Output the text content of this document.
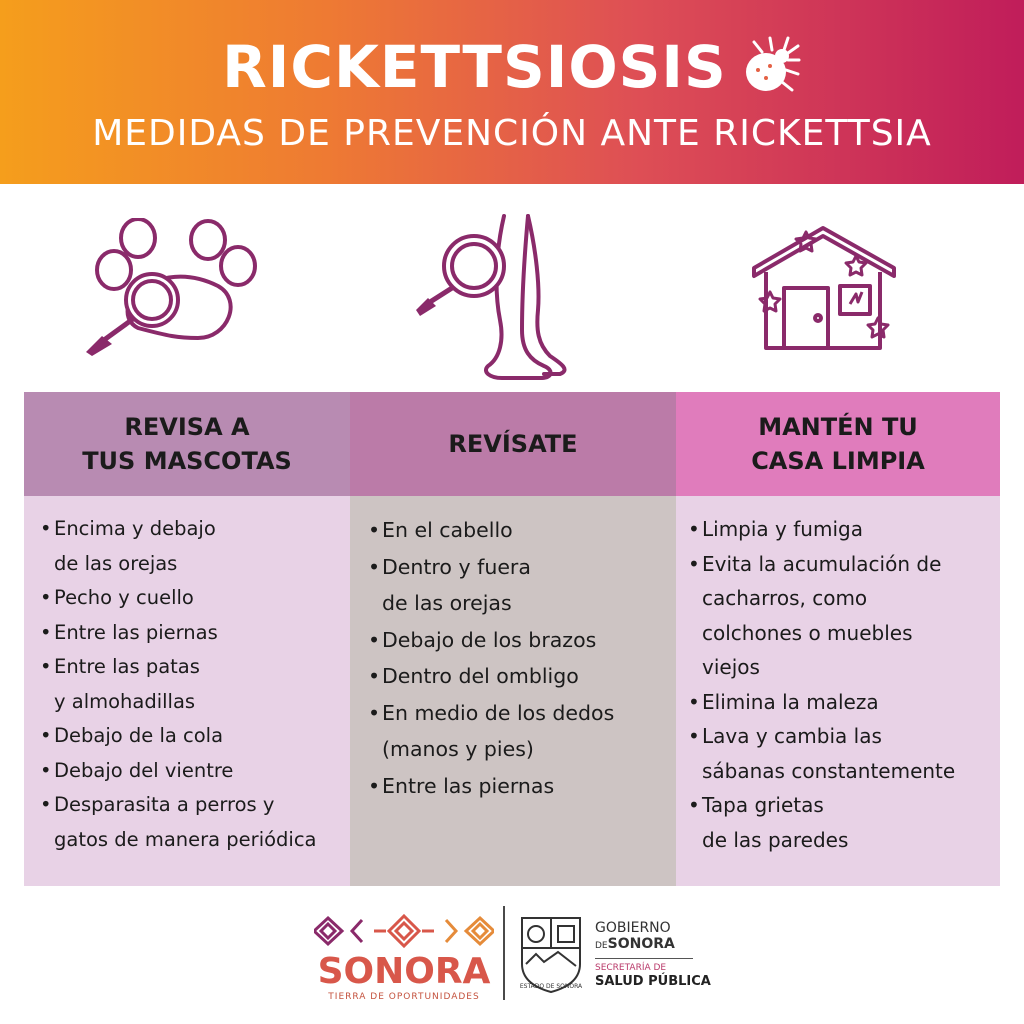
RICKETTSIOSIS
MEDIDAS DE PREVENCIÓN ANTE RICKETTSIA
REVISA A
TUS MASCOTAS
• Encima y debajo
de las orejas
• Pecho y cuello
• Entre las piernas
• Entre las patas
y almohadillas
• Debajo de la cola
• Debajo del vientre
• Desparasita a perros y
gatos de manera periódica
REVÍSATE
• En el cabello
• Dentro y fuera
de las orejas
• Debajo de los brazos
• Dentro del ombligo
• En medio de los dedos
(manos y pies)
• Entre las piernas
MANTÉN TU
CASA LIMPIA
• Limpia y fumiga
• Evita la acumulación de
cacharros, como
colchones o muebles
viejos
• Elimina la maleza
• Lava y cambia las
sábanas constantemente
• Tapa grietas
de las paredes
SONORA
TIERRA DE OPORTUNIDADES
ESTADO DE SONORA
GOBIERNO
DESONORA
SECRETARÍA DE
SALUD PÚBLICA
